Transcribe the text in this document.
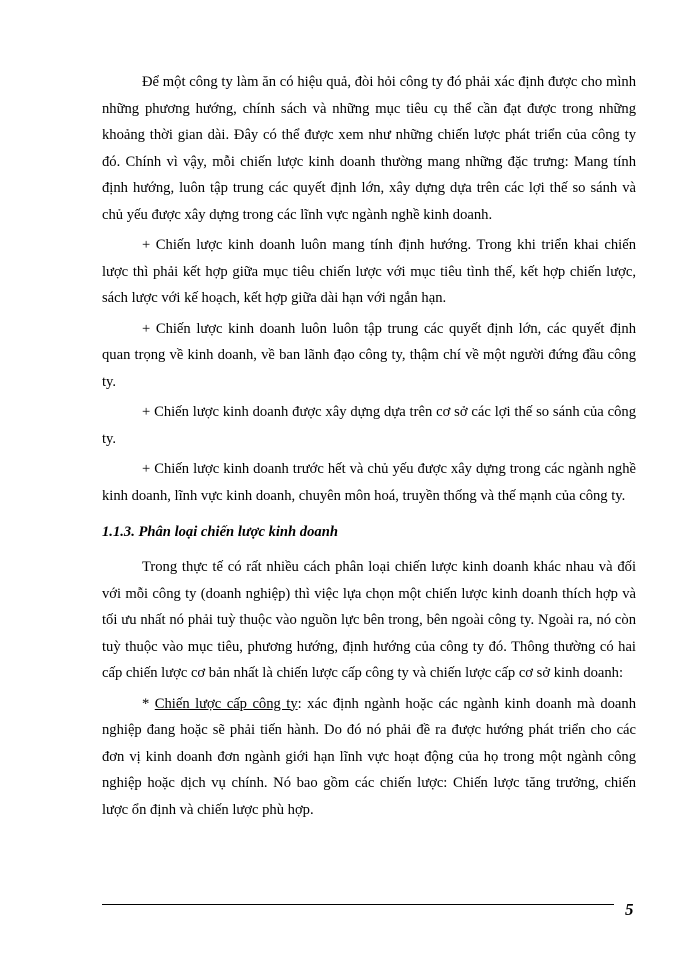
Để một công ty làm ăn có hiệu quả, đòi hỏi công ty đó phải xác định được cho mình những phương hướng, chính sách và những mục tiêu cụ thể cần đạt được trong những khoảng thời gian dài. Đây có thể được xem như những chiến lược phát triển của công ty đó. Chính vì vậy, mỗi chiến lược kinh doanh thường mang những đặc trưng: Mang tính định hướng, luôn tập trung các quyết định lớn, xây dựng dựa trên các lợi thế so sánh và chủ yếu được xây dựng trong các lĩnh vực ngành nghề kinh doanh.

+ Chiến lược kinh doanh luôn mang tính định hướng. Trong khi triển khai chiến lược thì phải kết hợp giữa mục tiêu chiến lược với mục tiêu tình thế, kết hợp chiến lược, sách lược với kế hoạch, kết hợp giữa dài hạn với ngắn hạn.

+ Chiến lược kinh doanh luôn luôn tập trung các quyết định lớn, các quyết định quan trọng về kinh doanh, về ban lãnh đạo công ty, thậm chí về một người đứng đầu công ty.

+ Chiến lược kinh doanh được xây dựng dựa trên cơ sở các lợi thế so sánh của công ty.

+ Chiến lược kinh doanh trước hết và chủ yếu được xây dựng trong các ngành nghề kinh doanh, lĩnh vực kinh doanh, chuyên môn hoá, truyền thống và thế mạnh của công ty.

1.1.3. Phân loại chiến lược kinh doanh

Trong thực tế có rất nhiều cách phân loại chiến lược kinh doanh khác nhau và đối với mỗi công ty (doanh nghiệp) thì việc lựa chọn một chiến lược kinh doanh thích hợp và tối ưu nhất nó phải tuỳ thuộc vào nguồn lực bên trong, bên ngoài công ty. Ngoài ra, nó còn tuỳ thuộc vào mục tiêu, phương hướng, định hướng của công ty đó. Thông thường có hai cấp chiến lược cơ bản nhất là chiến lược cấp công ty và chiến lược cấp cơ sở kinh doanh:

* Chiến lược cấp công ty: xác định ngành hoặc các ngành kinh doanh mà doanh nghiệp đang hoặc sẽ phải tiến hành. Do đó nó phải đề ra được hướng phát triển cho các đơn vị kinh doanh đơn ngành giới hạn lĩnh vực hoạt động của họ trong một ngành công nghiệp hoặc dịch vụ chính. Nó bao gồm các chiến lược: Chiến lược tăng trưởng, chiến lược ổn định và chiến lược phù hợp.

5
